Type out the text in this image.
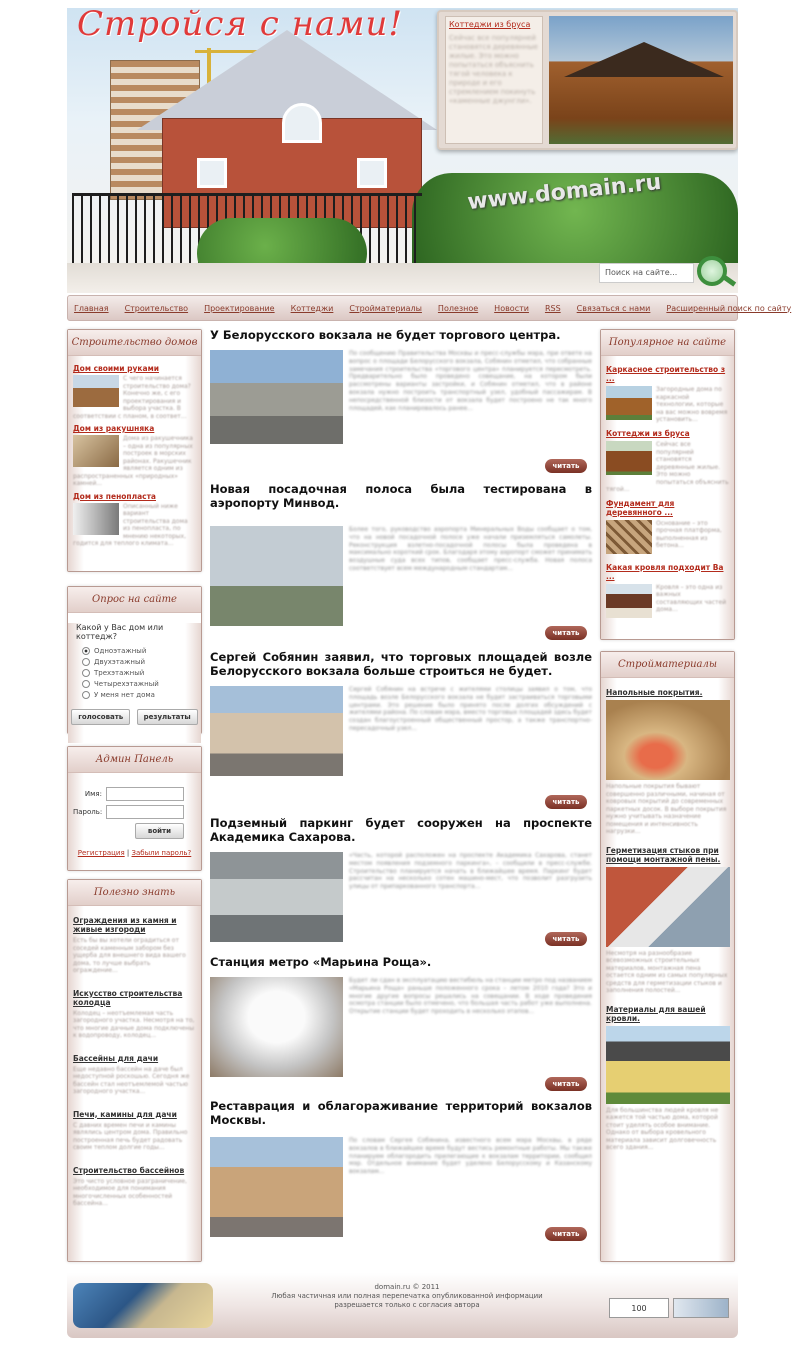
Стройся с нами!
www.domain.ru
Коттеджи из бруса
Сейчас все популярней становятся деревянные жилые. Это можно попытаться объяснить тягой человека к природе и его стремлением покинуть «каменные джунгли».
Поиск на сайте...
Главная Строительство Проектирование Коттеджи Стройматериалы Полезное Новости RSS Связаться с нами Расширенный поиск по сайту
Строительство домов
Дом своими руками
С чего начинается строительство дома? Конечно же, с его проектирования и выбора участка. В соответствии с планом, в соответ...
Дом из ракушняка
Дома из ракушечника – одна из популярных построек в морских районах. Ракушечник является одним из распространенных «природных» камней...
Дом из пенопласта
Описанный ниже вариант строительства дома из пенопласта, по мнению некоторых, годится для теплого климата...
Опрос на сайте
Какой у Вас дом или коттедж?
Одноэтажный
Двухэтажный
Трехэтажный
Четырехэтажный
У меня нет дома
голосовать	результаты
Админ Панель
Имя:
Пароль:
войти
Регистрация | Забыли пароль?
Полезно знать
Ограждения из камня и живые изгороди
Есть бы вы хотели оградиться от соседей каменным забором без ущерба для внешнего вида вашего дома, то лучше выбрать ограждение...
Искусство строительства колодца
Колодец – неотъемлемая часть загородного участка. Несмотря на то, что многие дачные дома подключены к водопроводу, колодец...
Бассейны для дачи
Еще недавно бассейн на даче был недоступной роскошью. Сегодня же бассейн стал неотъемлемой частью загородного участка...
Печи, камины для дачи
С давних времен печи и камины являлись центром дома. Правильно построенная печь будет радовать своим теплом долгие годы...
Строительство бассейнов
Это чисто условное разграничение, необходимое для понимания многочисленных особенностей бассейна...
У Белорусского вокзала не будет торгового центра.
По сообщению Правительства Москвы и пресс-службы мэра, при ответе на вопрос о площади Белорусского вокзала, Собянин отметил, что собранные замечания строительства «торгового центра» планируется пересмотреть. Предварительно было проведено совещание, на котором были рассмотрены варианты застройки, и Собянин отметил, что в районе вокзала нужно построить транспортный узел, удобный пассажирам. В непосредственной близости от вокзала будет построено не так много площадей, как планировалось ранее...
читать
Новая посадочная полоса была тестирована в аэропорту Минвод.
Более того, руководство аэропорта Минеральных Воды сообщает о том, что на новой посадочной полосе уже начали приземляться самолеты. Реконструкция взлетно-посадочной полосы была проведена в максимально короткий срок. Благодаря этому аэропорт сможет принимать воздушные суда всех типов, сообщает пресс-служба. Новая полоса соответствует всем международным стандартам...
читать
Сергей Собянин заявил, что торговых площадей возле Белорусского вокзала больше строиться не будет.
Сергей Собянин на встрече с жителями столицы заявил о том, что площадь возле Белорусского вокзала не будет застраиваться торговыми центрами. Это решение было принято после долгих обсуждений с жителями района. По словам мэра, вместо торговых площадей здесь будет создан благоустроенный общественный простор, а также транспортно-пересадочный узел...
читать
Подземный паркинг будет сооружен на проспекте Академика Сахарова.
«Часть, которой расположен на проспекте Академика Сахарова, станет местом появления подземного паркинга», – сообщили в пресс-службе. Строительство планируется начать в ближайшее время. Паркинг будет рассчитан на несколько сотен машино-мест, что позволит разгрузить улицы от припаркованного транспорта...
читать
Станция метро «Марьина Роща».
Будет ли сдан в эксплуатацию вестибюль на станции метро под названием «Марьина Роща» раньше положенного срока – летом 2010 года? Это и многие другие вопросы решались на совещании. В ходе проведения осмотра станции было отмечено, что большая часть работ уже выполнена. Открытие станции будет проходить в несколько этапов...
читать
Реставрация и облагораживание территорий вокзалов Москвы.
По словам Сергея Собянина, известного всем мэра Москвы, в ряде вокзалов в ближайшее время будут вестись ремонтные работы. Мы также планируем облагородить прилегающие к вокзалам территории, сообщил мэр. Отдельное внимание будет уделено Белорусскому и Казанскому вокзалам...
читать
Популярное на сайте
Каркасное строительство з ...
Загородные дома по каркасной технологии, которые на вас можно вовремя установить...
Коттеджи из бруса
Сейчас все популярней становятся деревянные жилые. Это можно попытаться объяснить тягой...
Фундамент для деревянного ...
Основание – это прочная платформа, выполненная из бетона...
Какая кровля подходит Ва ...
Кровля – это одна из важных составляющих частей дома...
Стройматериалы
Напольные покрытия.
Напольные покрытия бывают совершенно различными, начиная от ковровых покрытий до современных паркетных досок. В выборе покрытия нужно учитывать назначение помещения и интенсивность нагрузки...
Герметизация стыков при помощи монтажной пены.
Несмотря на разнообразие всевозможных строительных материалов, монтажная пена остается одним из самых популярных средств для герметизации стыков и заполнения полостей...
Материалы для вашей кровли.
Для большинства людей кровля не кажется той частью дома, которой стоит уделять особое внимание. Однако от выбора кровельного материала зависит долговечность всего здания...
domain.ru © 2011
Любая частичная или полная перепечатка опубликованной информации
разрешается только с согласия автора	100
